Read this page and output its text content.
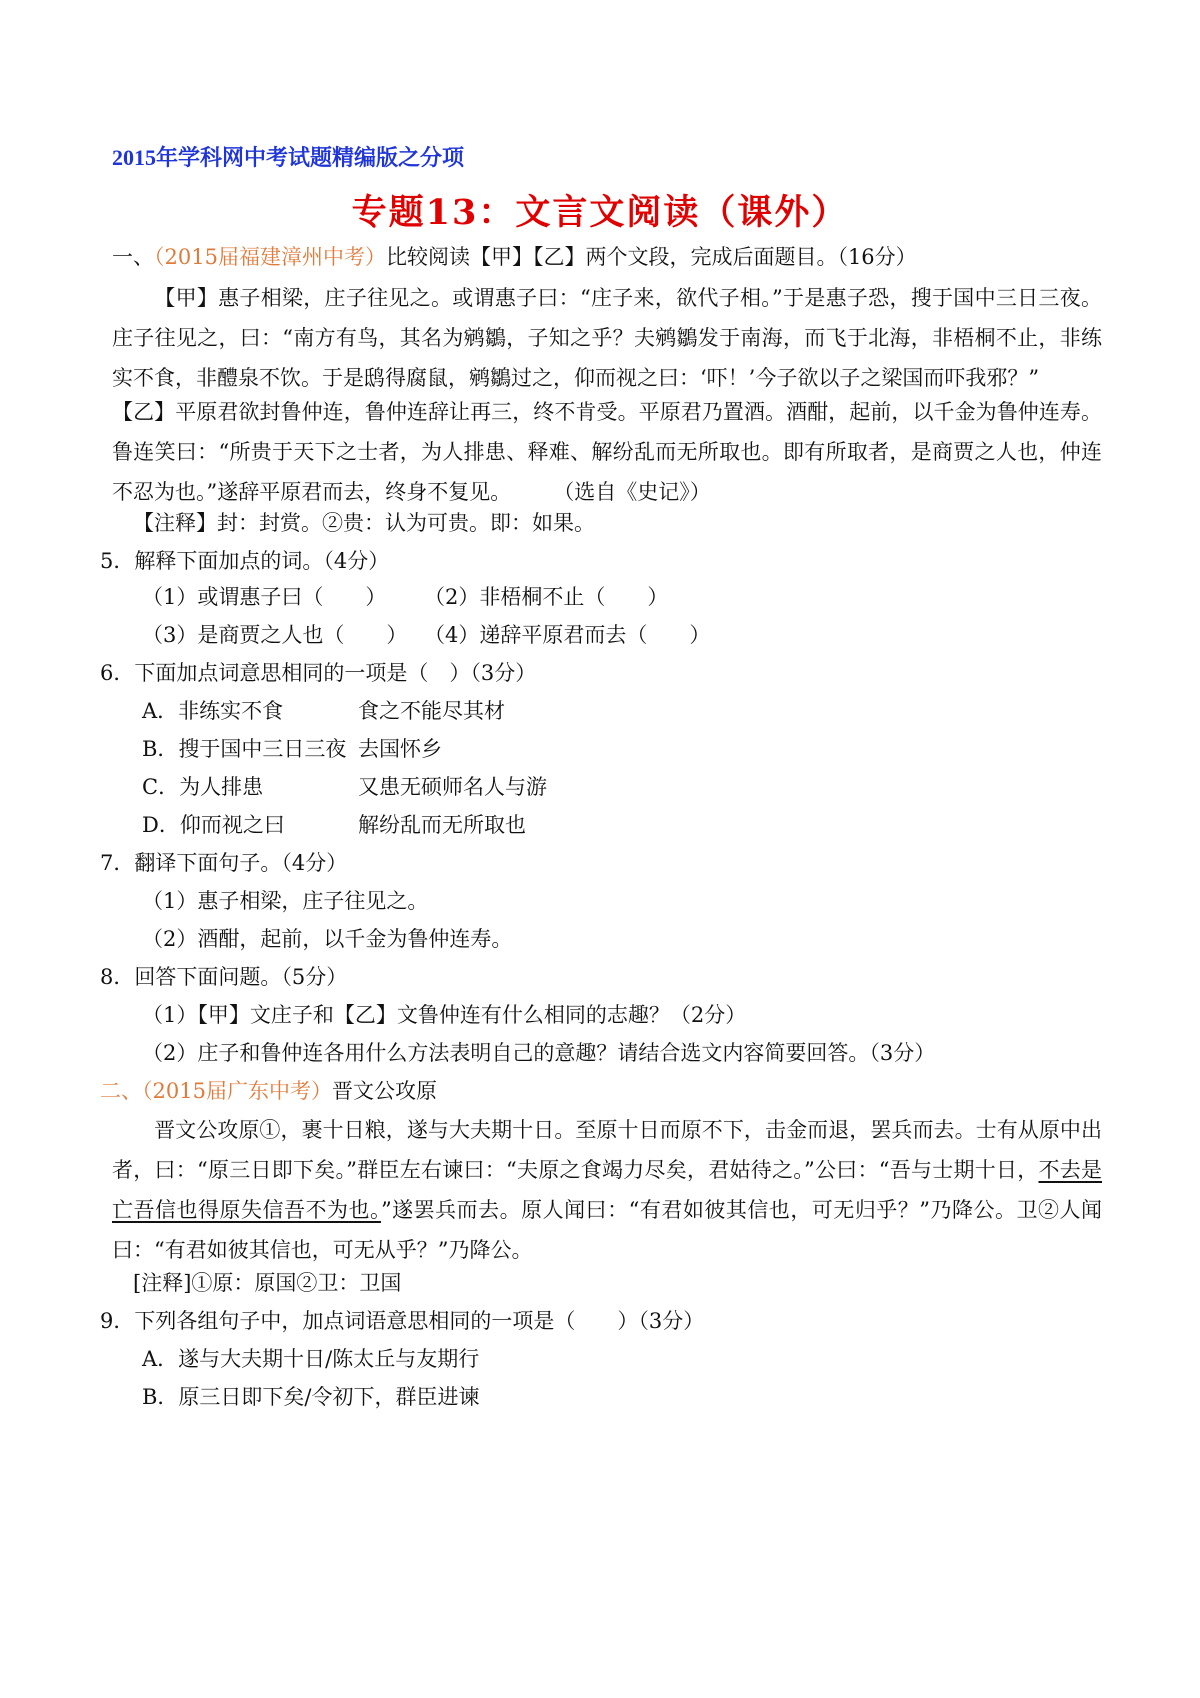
2015年学科网中考试题精编版之分项
专题13：文言文阅读（课外）
一、（2015届福建漳州中考）比较阅读【甲】【乙】两个文段，完成后面题目。（16分）
【甲】惠子相梁，庄子往见之。或谓惠子曰：“庄子来，欲代子相。”于是惠子恐，搜于国中三日三夜。庄子往见之，曰：“南方有鸟，其名为鹓鶵，子知之乎？夫鹓鶵发于南海，而飞于北海，非梧桐不止，非练实不食，非醴泉不饮。于是鸱得腐鼠，鹓鶵过之，仰而视之曰：‘吓！’今子欲以子之梁国而吓我邪？”
【乙】平原君欲封鲁仲连，鲁仲连辞让再三，终不肯受。平原君乃置酒。酒酣，起前，以千金为鲁仲连寿。鲁连笑曰：“所贵于天下之士者，为人排患、释难、解纷乱而无所取也。即有所取者，是商贾之人也，仲连不忍为也。”遂辞平原君而去，终身不复见。　　　	（选自《史记》）
【注释】封：封赏。②贵：认为可贵。即：如果。
5．解释下面加点的词。（4分）
（1）或谓惠子曰（　　） （2）非梧桐不止（　　）
（3）是商贾之人也（　　） （4）递辞平原君而去（　　）
6．下面加点词意思相同的一项是（　）（3分）
A．非练实不食	食之不能尽其材
B．搜于国中三日三夜 去国怀乡
C．为人排患	又患无硕师名人与游
D．仰而视之曰	解纷乱而无所取也
7．翻译下面句子。（4分）
（1）惠子相梁，庄子往见之。
（2）酒酣，起前，以千金为鲁仲连寿。
8．回答下面问题。（5分）
（1）【甲】文庄子和【乙】文鲁仲连有什么相同的志趣？（2分）
（2）庄子和鲁仲连各用什么方法表明自己的意趣？请结合选文内容简要回答。（3分）
二、（2015届广东中考）晋文公攻原
晋文公攻原①，裹十日粮，遂与大夫期十日。至原十日而原不下，击金而退，罢兵而去。士有从原中出者，曰：“原三日即下矣。”群臣左右谏曰：“夫原之食竭力尽矣，君姑待之。”公曰：“吾与士期十日，不去是亡吾信也得原失信吾不为也。”遂罢兵而去。原人闻曰：“有君如彼其信也，可无归乎？”乃降公。卫②人闻曰：“有君如彼其信也，可无从乎？”乃降公。
[注释]①原：原国②卫：卫国
9．下列各组句子中，加点词语意思相同的一项是（　　）（3分）
A．遂与大夫期十日/陈太丘与友期行
B．原三日即下矣/令初下，群臣进谏
